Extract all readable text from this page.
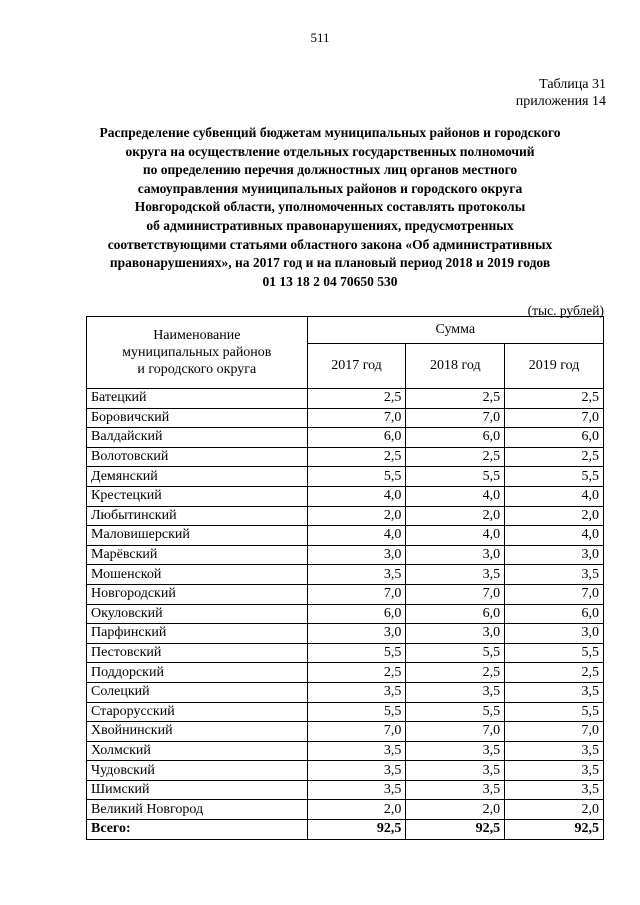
511
Таблица 31
приложения 14
Распределение субвенций бюджетам муниципальных районов и городского
округа на осуществление отдельных государственных полномочий
по определению перечня должностных лиц органов местного
самоуправления муниципальных районов и городского округа
Новгородской области, уполномоченных составлять протоколы
об административных правонарушениях, предусмотренных
соответствующими статьями областного закона «Об административных
правонарушениях», на 2017 год и на плановый период 2018 и 2019 годов
01 13 18 2 04 70650 530
(тыс. рублей)
Наименование
муниципальных районов
и городского округа	Сумма		
	2017 год	2018 год	2019 год
Батецкий	2,5	2,5	2,5
Боровичский	7,0	7,0	7,0
Валдайский	6,0	6,0	6,0
Волотовский	2,5	2,5	2,5
Демянский	5,5	5,5	5,5
Крестецкий	4,0	4,0	4,0
Любытинский	2,0	2,0	2,0
Маловишерский	4,0	4,0	4,0
Марёвский	3,0	3,0	3,0
Мошенской	3,5	3,5	3,5
Новгородский	7,0	7,0	7,0
Окуловский	6,0	6,0	6,0
Парфинский	3,0	3,0	3,0
Пестовский	5,5	5,5	5,5
Поддорский	2,5	2,5	2,5
Солецкий	3,5	3,5	3,5
Старорусский	5,5	5,5	5,5
Хвойнинский	7,0	7,0	7,0
Холмский	3,5	3,5	3,5
Чудовский	3,5	3,5	3,5
Шимский	3,5	3,5	3,5
Великий Новгород	2,0	2,0	2,0
Всего:	92,5	92,5	92,5
